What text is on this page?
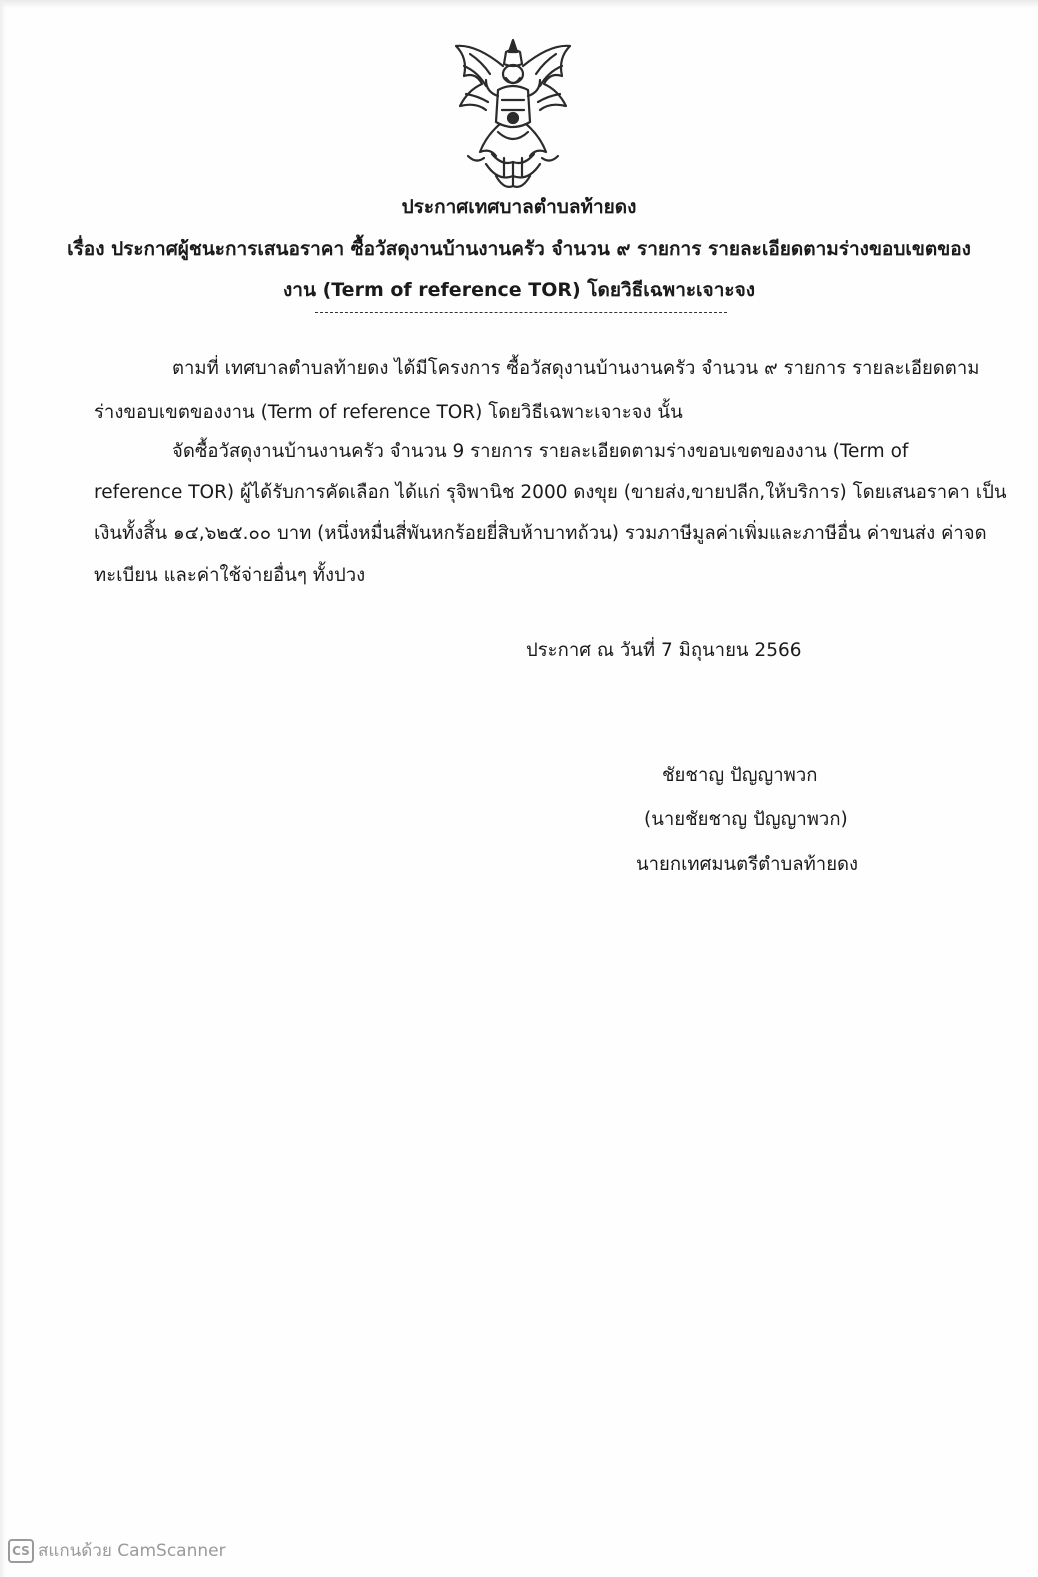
ประกาศเทศบาลตำบลท้ายดง
เรื่อง ประกาศผู้ชนะการเสนอราคา ซื้อวัสดุงานบ้านงานครัว จำนวน ๙ รายการ รายละเอียดตามร่างขอบเขตของ
งาน (Term of reference TOR) โดยวิธีเฉพาะเจาะจง
ตามที่ เทศบาลตำบลท้ายดง ได้มีโครงการ ซื้อวัสดุงานบ้านงานครัว จำนวน ๙ รายการ รายละเอียดตาม
ร่างขอบเขตของงาน (Term of reference TOR) โดยวิธีเฉพาะเจาะจง นั้น
จัดซื้อวัสดุงานบ้านงานครัว จำนวน 9 รายการ รายละเอียดตามร่างขอบเขตของงาน (Term of
reference TOR) ผู้ได้รับการคัดเลือก ได้แก่ รุจิพานิช 2000 ดงขุย (ขายส่ง,ขายปลีก,ให้บริการ) โดยเสนอราคา เป็น
เงินทั้งสิ้น ๑๔,๖๒๕.๐๐ บาท (หนึ่งหมื่นสี่พันหกร้อยยี่สิบห้าบาทถ้วน) รวมภาษีมูลค่าเพิ่มและภาษีอื่น ค่าขนส่ง ค่าจด
ทะเบียน และค่าใช้จ่ายอื่นๆ ทั้งปวง
ประกาศ ณ วันที่ 7 มิถุนายน 2566
ชัยชาญ ปัญญาพวก
(นายชัยชาญ ปัญญาพวก)
นายกเทศมนตรีตำบลท้ายดง
CS สแกนด้วย CamScanner
